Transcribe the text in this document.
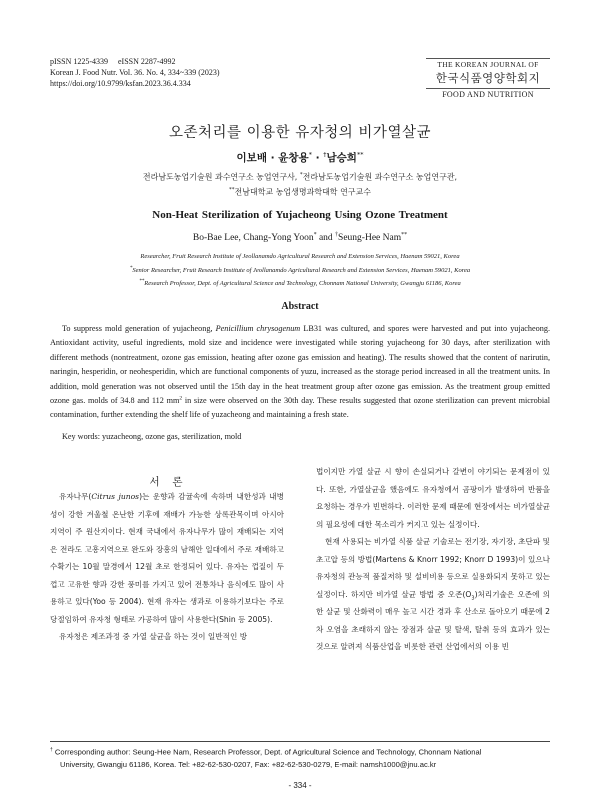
pISSN 1225-4339     eISSN 2287-4992
Korean J. Food Nutr. Vol. 36. No. 4, 334~339 (2023)
https://doi.org/10.9799/ksfan.2023.36.4.334
THE KOREAN JOURNAL OF
한국식품영양학회지
FOOD AND NUTRITION
오존처리를 이용한 유자청의 비가열살균
이보배 · 윤창용* · †남승희**
전라남도농업기술원 과수연구소 농업연구사, *전라남도농업기술원 과수연구소 농업연구관,
**전남대학교 농업생명과학대학 연구교수
Non-Heat Sterilization of Yujacheong Using Ozone Treatment
Bo-Bae Lee, Chang-Yong Yoon* and †Seung-Hee Nam**
Researcher, Fruit Research Institute of Jeollanamdo Agricultural Research and Extension Services, Haenam 59021, Korea
*Senior Researcher, Fruit Research Institute of Jeollanamdo Agricultural Research and Extension Services, Haenam 59021, Korea
**Research Professor, Dept. of Agricultural Science and Technology, Chonnam National University, Gwangju 61186, Korea
Abstract

To suppress mold generation of yujacheong, Penicillium chrysogenum LB31 was cultured, and spores were harvested and put into yujacheong. Antioxidant activity, useful ingredients, mold size and incidence were investigated while storing yujacheong for 30 days, after sterilization with different methods (nontreatment, ozone gas emission, heating after ozone gas emission and heating). The results showed that the content of narirutin, naringin, hesperidin, or neohesperidin, which are functional components of yuzu, increased as the storage period increased in all the treatment units. In addition, mold generation was not observed until the 15th day in the heat treatment group after ozone gas emission. As the treatment group emitted ozone gas. molds of 34.8 and 112 $mm^2$ in size were observed on the 30th day. These results suggested that ozone sterilization can prevent microbial contamination, further extending the shelf life of yuzacheong and maintaining a fresh state.

Key words: yuzacheong, ozone gas, sterilization, mold
서  론

유자나무(Citrus junos)는 운향과 감귤속에 속하며 내한성과 내병성이 강한 겨울철 온난한 기후에 재배가 가능한 상록관목이며 아시아 지역이 주 원산지이다. 현재 국내에서 유자나무가 많이 재배되는 지역은 전라도 고흥지역으로 완도와 장흥의 남해안 일대에서 주로 재배하고 수확기는 10월 말경에서 12월 초로 한정되어 있다. 유자는 껍질이 두껍고 고유한 향과 강한 풍미를 가지고 있어 전통차나 음식에도 많이 사용하고 있다(Yoo 등 2004). 현재 유자는 생과로 이용하기보다는 주로 당절임하여 유자청 형태로 가공하여 많이 사용한다(Shin 등 2005).

유자청은 제조과정 중 가열 살균을 하는 것이 일반적인 방

법이지만 가열 살균 시 향이 손실되거나 갈변이 야기되는 문제점이 있다. 또한, 가열살균을 했음에도 유자청에서 곰팡이가 발생하여 반품을 요청하는 경우가 빈번하다. 이러한 문제 때문에 현장에서는 비가열살균의 필요성에 대한 목소리가 커지고 있는 실정이다.

현재 사용되는 비가열 식품 살균 기술로는 전기장, 자기장, 초단파 및 초고압 등의 방법(Martens & Knorr 1992; Knorr D 1993)이 있으나 유자청의 관능적 품질저하 및 설비비용 등으로 실용화되지 못하고 있는 실정이다. 하지만 비가열 살균 방법 중 오존$(O_3)$처리기술은 오존에 의한 살균 및 산화력이 매우 높고 시간 경과 후 산소로 돌아오기 때문에 2차 오염을 초래하지 않는 장점과 살균 및 탈색, 탈취 등의 효과가 있는 것으로 알려져 식품산업을 비롯한 관련 산업에서의 이용 빈

† Corresponding author: Seung-Hee Nam, Research Professor, Dept. of Agricultural Science and Technology, Chonnam National
University, Gwangju 61186, Korea. Tel: +82-62-530-0207, Fax: +82-62-530-0279, E-mail: namsh1000@jnu.ac.kr
- 334 -
